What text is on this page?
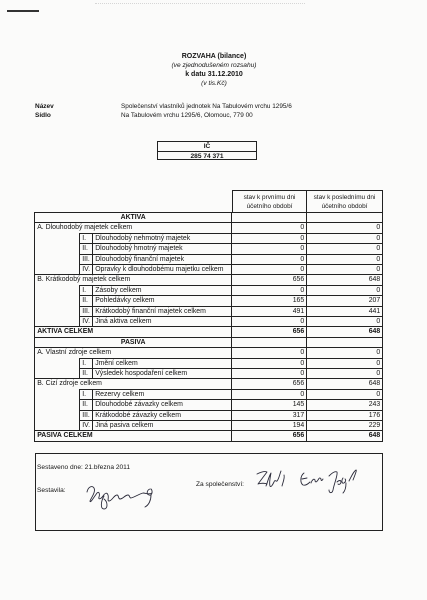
ROZVAHA (bilance)
(ve zjednodušeném rozsahu)
k datu 31.12.2010
(v tis.Kč)
Název	Společenství vlastníků jednotek Na Tabulovém vrchu 1295/6
Sídlo	Na Tabulovém vrchu 1295/6, Olomouc, 779 00
IČ
285 74 371
stav k prvnímu dni
účetního období
stav k poslednímu dni
účetního období
AKTIVA
A. Dlouhodobý majetek celkem	0	0
I.	Dlouhodobý nehmotný majetek	0	0
II.	Dlouhodobý hmotný majetek	0	0
III. Dlouhodobý finanční majetek	0	0
IV. Opravky k dlouhodobému majetku celkem	0	0
B. Krátkodobý majetek celkem	656	648
I.	Zásoby celkem	0	0
II.	Pohledávky celkem	165	207
III. Krátkodobý finanční majetek celkem	491	441
IV. Jiná aktiva celkem	0	0
AKTIVA CELKEM	656	648
PASIVA
A. Vlastní zdroje celkem	0	0
I.	Jmění celkem	0	0
II.	Výsledek hospodaření celkem	0	0
B. Cizí zdroje celkem	656	648
I.	Rezervy celkem	0	0
II.	Dlouhodobé závazky celkem	145	243
III. Krátkodobé závazky celkem	317	176
IV. Jiná pasiva celkem	194	229
PASIVA CELKEM	656	648
Sestaveno dne: 21.března 2011
Sestavila:
Za společenství:
